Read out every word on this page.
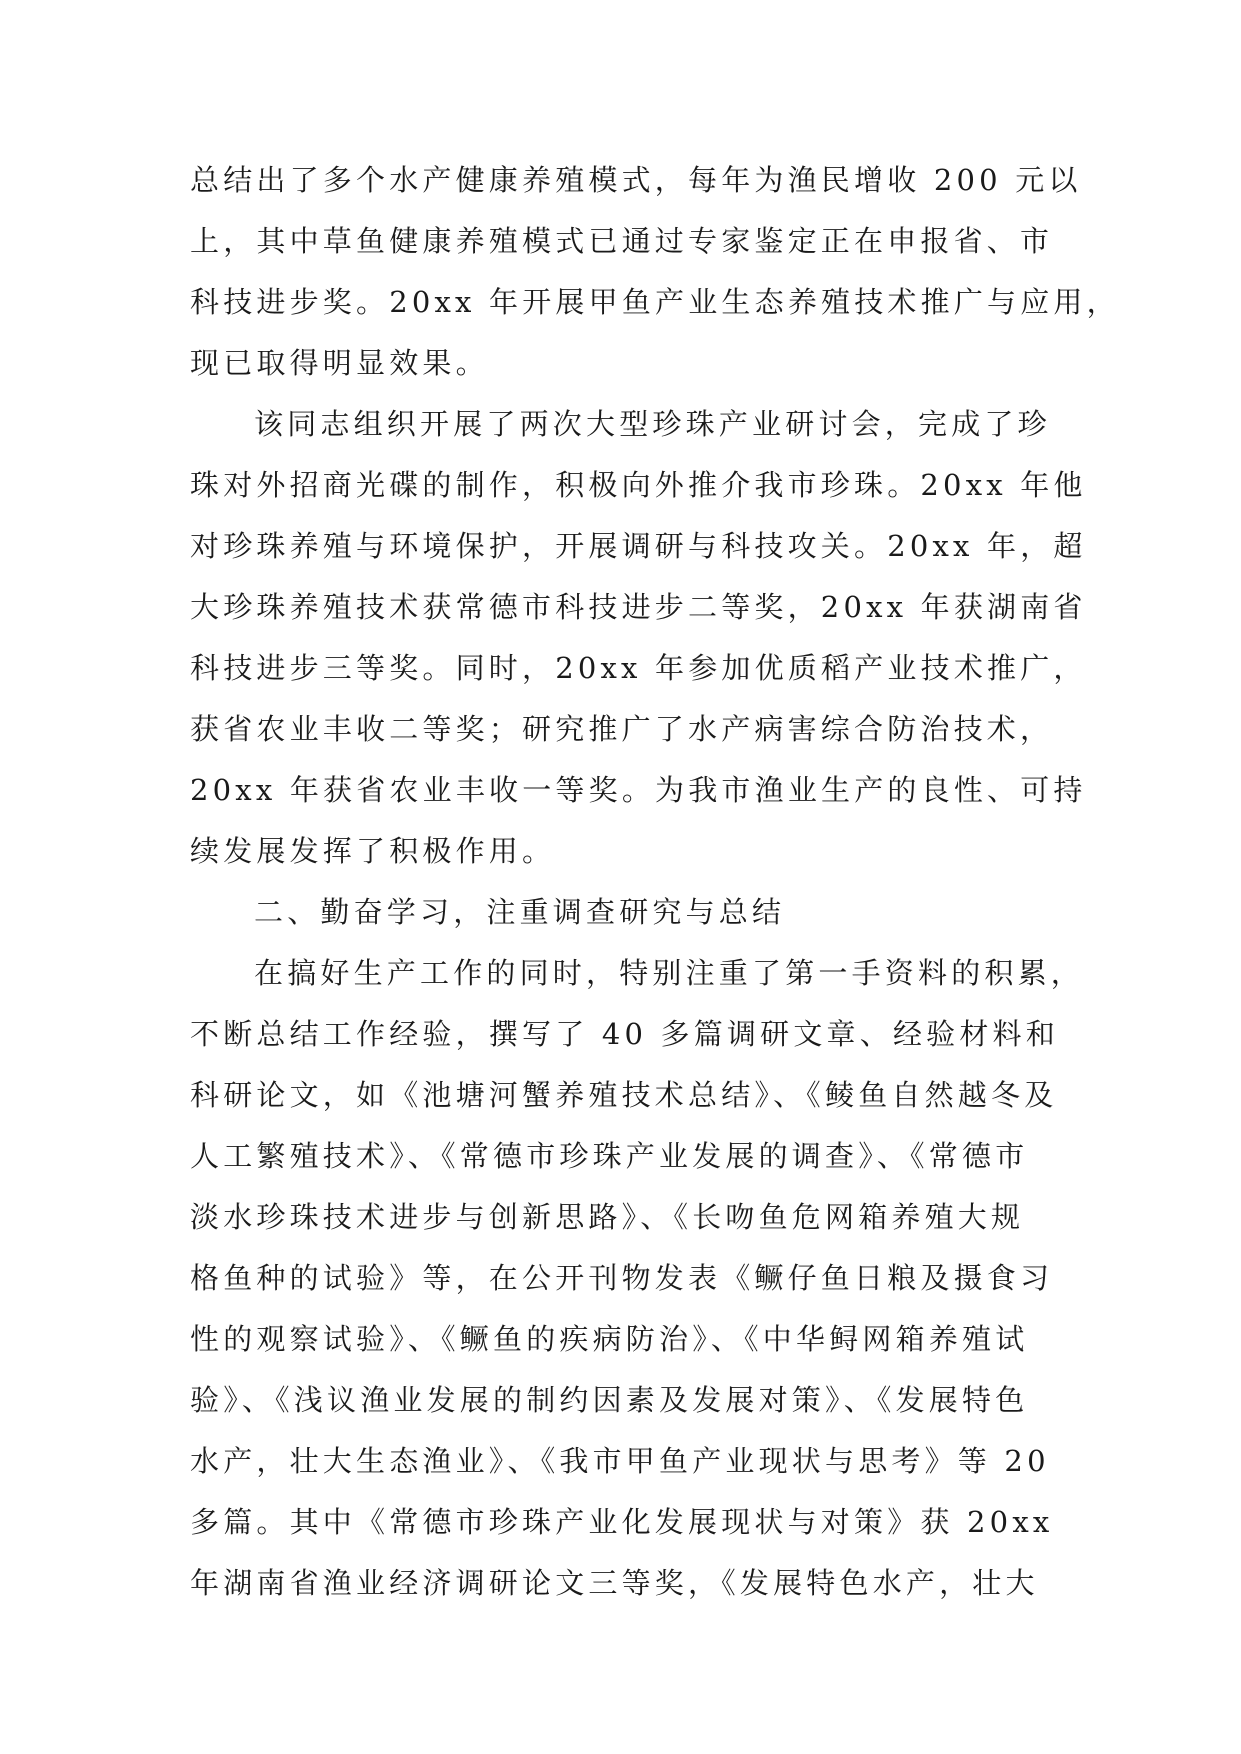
总结出了多个水产健康养殖模式，每年为渔民增收 200 元以
上，其中草鱼健康养殖模式已通过专家鉴定正在申报省、市
科技进步奖。20xx 年开展甲鱼产业生态养殖技术推广与应用，
现已取得明显效果。
该同志组织开展了两次大型珍珠产业研讨会，完成了珍
珠对外招商光碟的制作，积极向外推介我市珍珠。20xx 年他
对珍珠养殖与环境保护，开展调研与科技攻关。20xx 年，超
大珍珠养殖技术获常德市科技进步二等奖，20xx 年获湖南省
科技进步三等奖。同时，20xx 年参加优质稻产业技术推广，
获省农业丰收二等奖；研究推广了水产病害综合防治技术，
20xx 年获省农业丰收一等奖。为我市渔业生产的良性、可持
续发展发挥了积极作用。
二、勤奋学习，注重调查研究与总结
在搞好生产工作的同时，特别注重了第一手资料的积累，
不断总结工作经验，撰写了 40 多篇调研文章、经验材料和
科研论文，如《池塘河蟹养殖技术总结》、《鲮鱼自然越冬及
人工繁殖技术》、《常德市珍珠产业发展的调查》、《常德市
淡水珍珠技术进步与创新思路》、《长吻鱼危网箱养殖大规
格鱼种的试验》等，在公开刊物发表《鳜仔鱼日粮及摄食习
性的观察试验》、《鳜鱼的疾病防治》、《中华鲟网箱养殖试
验》、《浅议渔业发展的制约因素及发展对策》、《发展特色
水产，壮大生态渔业》、《我市甲鱼产业现状与思考》等 20
多篇。其中《常德市珍珠产业化发展现状与对策》获 20xx
年湖南省渔业经济调研论文三等奖，《发展特色水产，壮大
